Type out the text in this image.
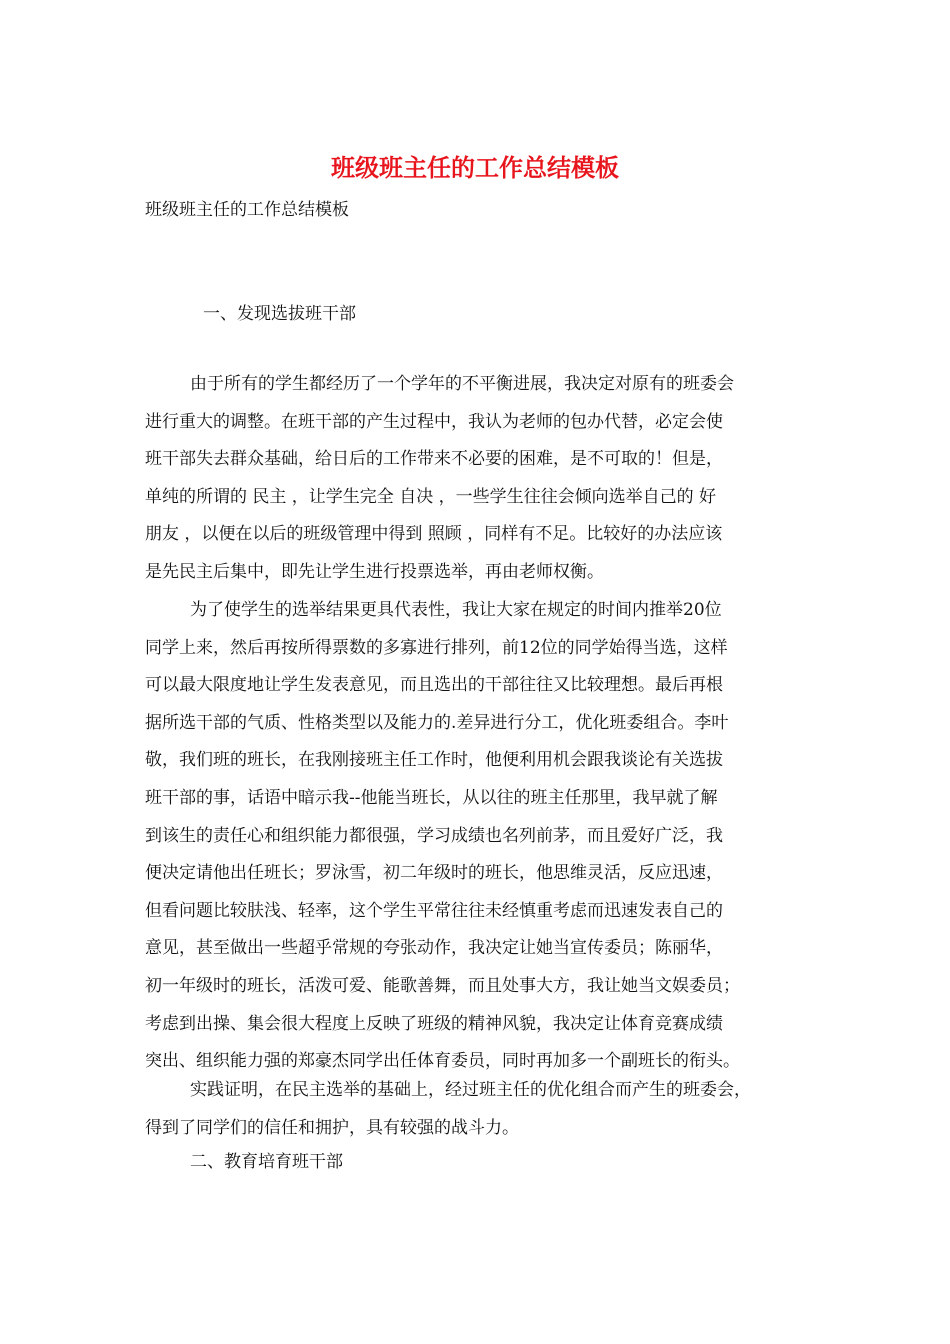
班级班主任的工作总结模板

班级班主任的工作总结模板

一、发现选拔班干部

由于所有的学生都经历了一个学年的不平衡进展，我决定对原有的班委会
进行重大的调整。在班干部的产生过程中，我认为老师的包办代替，必定会使
班干部失去群众基础，给日后的工作带来不必要的困难，是不可取的！但是，
单纯的所谓的 民主 ，让学生完全 自决 ，一些学生往往会倾向选举自己的 好
朋友 ，以便在以后的班级管理中得到 照顾 ，同样有不足。比较好的办法应该
是先民主后集中，即先让学生进行投票选举，再由老师权衡。
为了使学生的选举结果更具代表性，我让大家在规定的时间内推举20位
同学上来，然后再按所得票数的多寡进行排列，前12位的同学始得当选，这样
可以最大限度地让学生发表意见，而且选出的干部往往又比较理想。最后再根
据所选干部的气质、性格类型以及能力的.差异进行分工，优化班委组合。李叶
敬，我们班的班长，在我刚接班主任工作时，他便利用机会跟我谈论有关选拔
班干部的事，话语中暗示我--他能当班长，从以往的班主任那里，我早就了解
到该生的责任心和组织能力都很强，学习成绩也名列前茅，而且爱好广泛，我
便决定请他出任班长；罗泳雪，初二年级时的班长，他思维灵活，反应迅速，
但看问题比较肤浅、轻率，这个学生平常往往未经慎重考虑而迅速发表自己的
意见，甚至做出一些超乎常规的夸张动作，我决定让她当宣传委员；陈丽华，
初一年级时的班长，活泼可爱、能歌善舞，而且处事大方，我让她当文娱委员；
考虑到出操、集会很大程度上反映了班级的精神风貌，我决定让体育竞赛成绩
突出、组织能力强的郑豪杰同学出任体育委员，同时再加多一个副班长的衔头。
实践证明，在民主选举的基础上，经过班主任的优化组合而产生的班委会，
得到了同学们的信任和拥护，具有较强的战斗力。

二、教育培育班干部
